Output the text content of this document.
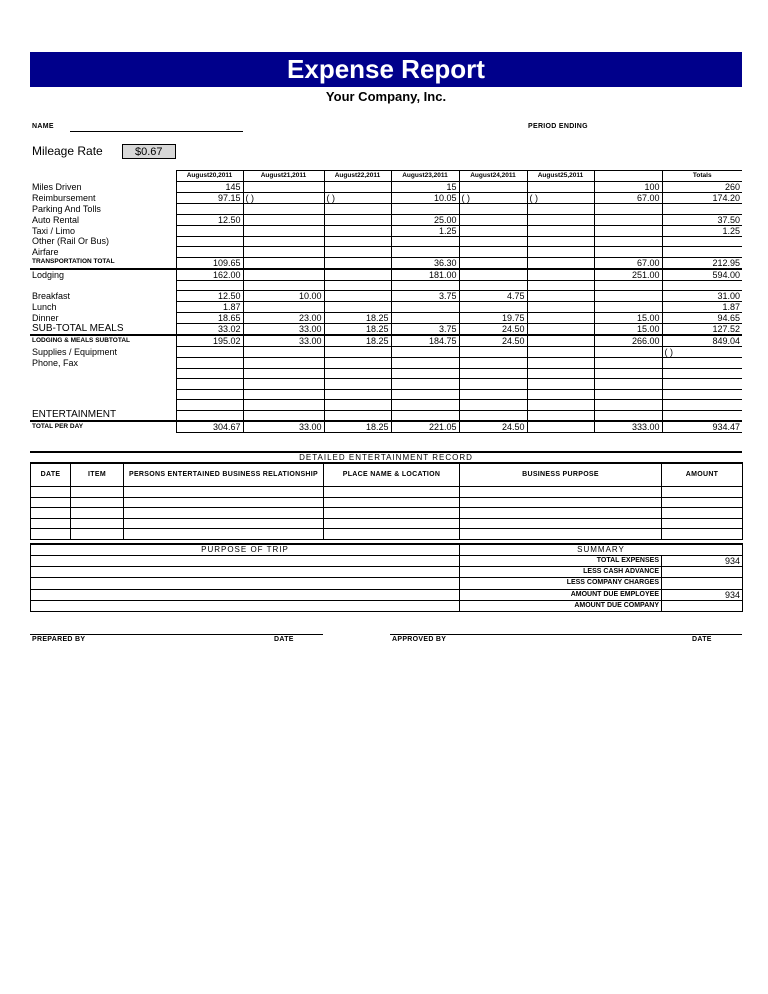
Expense Report
Your Company, Inc.
NAME	PERIOD ENDING
Mileage Rate	$0.67
	August20,2011	August21,2011	August22,2011	August23,2011	August24,2011	August25,2011		Totals
Miles Driven	145			15			100	260
Reimbursement	97.15	( )	( )	10.05	( )	( )	67.00	174.20
Parking And Tolls								
Auto Rental	12.50			25.00				37.50
Taxi / Limo				1.25				1.25
Other (Rail Or Bus)								
Airfare								
TRANSPORTATION TOTAL	109.65			36.30			67.00	212.95
Lodging	162.00			181.00			251.00	594.00

Breakfast	12.50	10.00		3.75	4.75			31.00
Lunch	1.87							1.87
Dinner	18.65	23.00	18.25		19.75		15.00	94.65
SUB-TOTAL MEALS	33.02	33.00	18.25	3.75	24.50		15.00	127.52
LODGING & MEALS SUBTOTAL	195.02	33.00	18.25	184.75	24.50		266.00	849.04
Supplies / Equipment								( )
Phone, Fax								

ENTERTAINMENT								
TOTAL PER DAY	304.67	33.00	18.25	221.05	24.50		333.00	934.47
DETAILED ENTERTAINMENT RECORD
DATE	ITEM	PERSONS ENTERTAINED BUSINESS RELATIONSHIP	PLACE NAME & LOCATION	BUSINESS PURPOSE	AMOUNT

PURPOSE OF TRIP	SUMMARY	
	TOTAL EXPENSES	934
	LESS CASH ADVANCE	
	LESS COMPANY CHARGES	
	AMOUNT DUE EMPLOYEE	934
	AMOUNT DUE COMPANY	
PREPARED BY	DATE	APPROVED BY	DATE
